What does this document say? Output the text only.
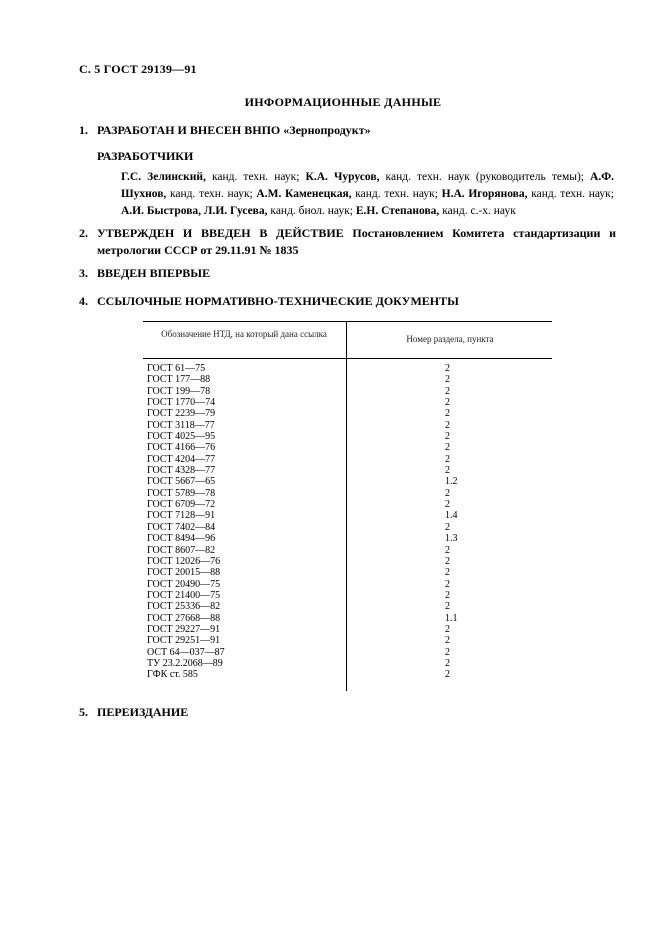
С. 5 ГОСТ 29139—91
ИНФОРМАЦИОННЫЕ ДАННЫЕ
1. РАЗРАБОТАН И ВНЕСЕН ВНПО «Зернопродукт»
РАЗРАБОТЧИКИ
Г.С. Зелинский, канд. техн. наук; К.А. Чурусов, канд. техн. наук (руководитель темы); А.Ф. Шухнов, канд. техн. наук; А.М. Каменецкая, канд. техн. наук; Н.А. Игорянова, канд. техн. наук; А.И. Быстрова, Л.И. Гусева, канд. биол. наук; Е.Н. Степанова, канд. с.-х. наук
2. УТВЕРЖДЕН И ВВЕДЕН В ДЕЙСТВИЕ Постановлением Комитета стандартизации и метрологии СССР от 29.11.91 № 1835
3. ВВЕДЕН ВПЕРВЫЕ
4. ССЫЛОЧНЫЕ НОРМАТИВНО-ТЕХНИЧЕСКИЕ ДОКУМЕНТЫ
Обозначение НТД, на который дана ссылка	Номер раздела, пункта
ГОСТ 61—75	2
ГОСТ 177—88	2
ГОСТ 199—78	2
ГОСТ 1770—74	2
ГОСТ 2239—79	2
ГОСТ 3118—77	2
ГОСТ 4025—95	2
ГОСТ 4166—76	2
ГОСТ 4204—77	2
ГОСТ 4328—77	2
ГОСТ 5667—65	1.2
ГОСТ 5789—78	2
ГОСТ 6709—72	2
ГОСТ 7128—91	1.4
ГОСТ 7402—84	2
ГОСТ 8494—96	1.3
ГОСТ 8607—82	2
ГОСТ 12026—76	2
ГОСТ 20015—88	2
ГОСТ 20490—75	2
ГОСТ 21400—75	2
ГОСТ 25336—82	2
ГОСТ 27668—88	1.1
ГОСТ 29227—91	2
ГОСТ 29251—91	2
ОСТ 64—037—87	2
ТУ 23.2.2068—89	2
ГФК ст. 585	2
5. ПЕРЕИЗДАНИЕ
